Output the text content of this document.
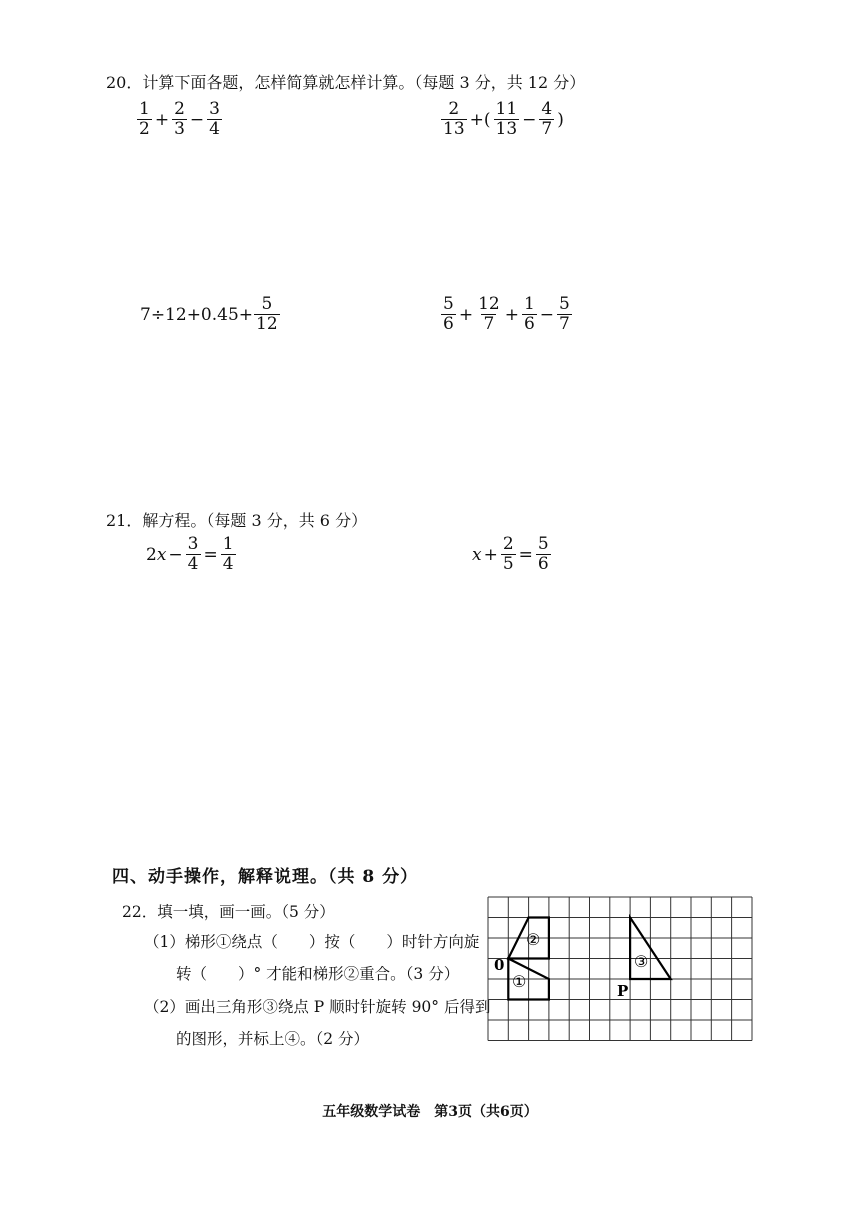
20．计算下面各题，怎样简算就怎样计算。（每题 3 分，共 12 分）
$\frac{1}{2} + \frac{2}{3} - \frac{3}{4}$	$\frac{2}{13}$ +( $\frac{11}{13} - \frac{4}{7}$ )
$7\div 12+0.45+ \frac{5}{12}$	$\frac{5}{6} + \frac{12}{7} + \frac{1}{6} - \frac{5}{7}$
21．解方程。（每题 3 分，共 6 分）
2 $x - \frac{3}{4} = \frac{1}{4}$	$x + \frac{2}{5} = \frac{5}{6}$
四、动手操作，解释说理。（共 8 分）
22．填一填，画一画。（5 分）
（1）梯形①绕点（　　）按（　　）时针方向旋
转（　　）° 才能和梯形②重合。（3 分）
（2）画出三角形③绕点 P 顺时针旋转 90° 后得到
的图形，并标上④。（2 分）
②
①
③
0
P
五年级数学试卷　第3页（共6页）
